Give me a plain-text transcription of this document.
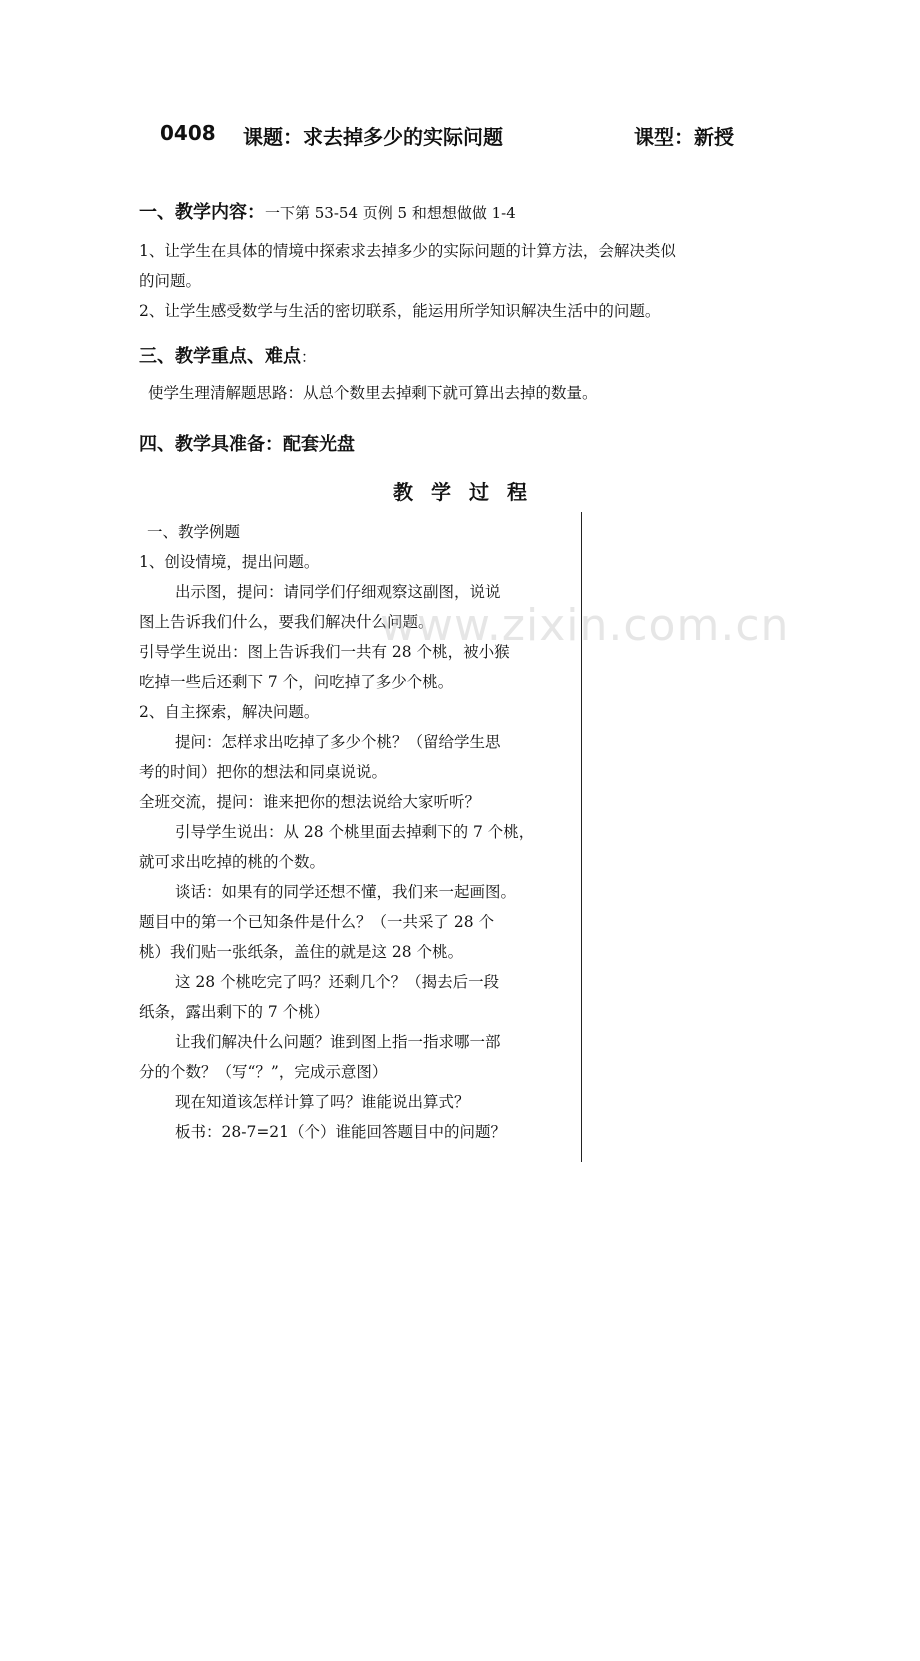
0408 课题：求去掉多少的实际问题	课型：新授
一、教学内容：一下第 53-54 页例 5 和想想做做 1-4
1、让学生在具体的情境中探索求去掉多少的实际问题的计算方法，会解决类似
的问题。
2、让学生感受数学与生活的密切联系，能运用所学知识解决生活中的问题。
三、教学重点、难点：
使学生理清解题思路：从总个数里去掉剩下就可算出去掉的数量。
四、教学具准备：配套光盘
教学过程
一、教学例题
1、创设情境，提出问题。
出示图，提问：请同学们仔细观察这副图，说说
图上告诉我们什么，要我们解决什么问题。
引导学生说出：图上告诉我们一共有 28 个桃，被小猴
吃掉一些后还剩下 7 个，问吃掉了多少个桃。
2、自主探索，解决问题。
提问：怎样求出吃掉了多少个桃？（留给学生思
考的时间）把你的想法和同桌说说。
全班交流，提问：谁来把你的想法说给大家听听？
引导学生说出：从 28 个桃里面去掉剩下的 7 个桃，
就可求出吃掉的桃的个数。
谈话：如果有的同学还想不懂，我们来一起画图。
题目中的第一个已知条件是什么？（一共采了 28 个
桃）我们贴一张纸条，盖住的就是这 28 个桃。
这 28 个桃吃完了吗？还剩几个？（揭去后一段
纸条，露出剩下的 7 个桃）
让我们解决什么问题？谁到图上指一指求哪一部
分的个数？（写“？”，完成示意图）
现在知道该怎样计算了吗？谁能说出算式？
板书：28-7=21（个）谁能回答题目中的问题？
www.zixin.com.cn
